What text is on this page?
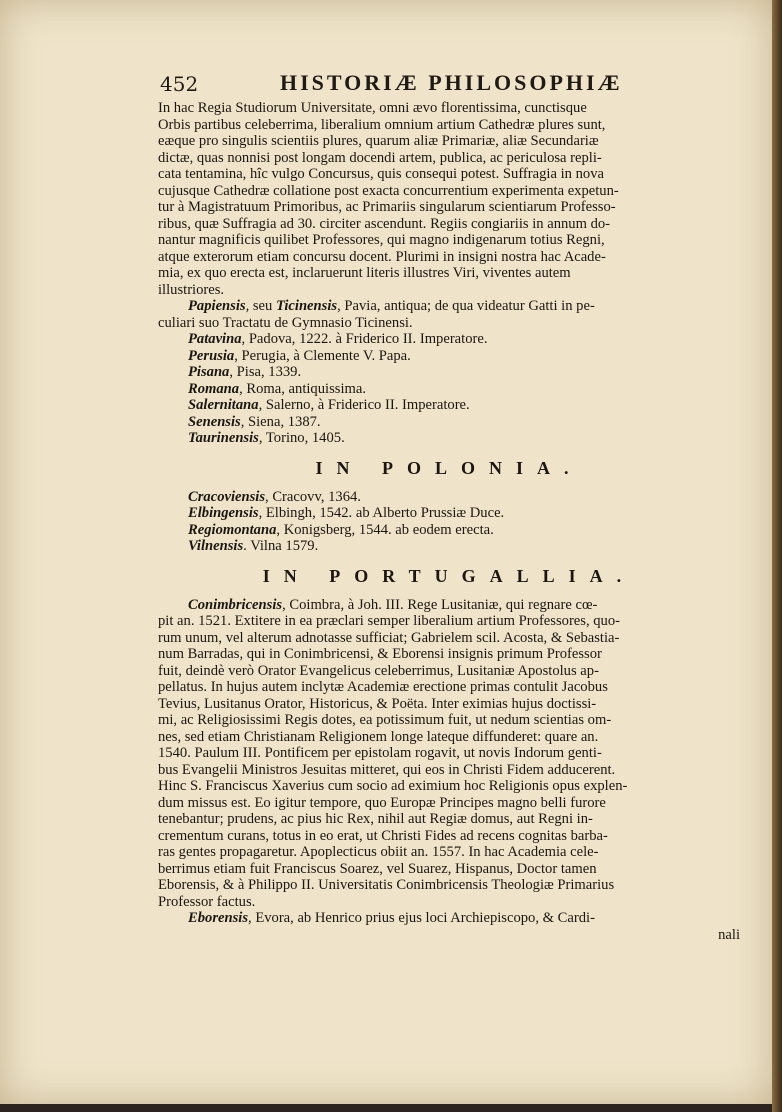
452	HISTORIÆ PHILOSOPHIÆ
In hac Regia Studiorum Universitate, omni ævo florentissima, cunctisque
Orbis partibus celeberrima, liberalium omnium artium Cathedræ plures sunt,
eæque pro singulis scientiis plures, quarum aliæ Primariæ, aliæ Secundariæ
dictæ, quas nonnisi post longam docendi artem, publica, ac periculosa repli-
cata tentamina, hîc vulgo Concursus, quis consequi potest. Suffragia in nova
cujusque Cathedræ collatione post exacta concurrentium experimenta expetun-
tur à Magistratuum Primoribus, ac Primariis singularum scientiarum Professo-
ribus, quæ Suffragia ad 30. circiter ascendunt. Regiis congiariis in annum do-
nantur magnificis quilibet Professores, qui magno indigenarum totius Regni,
atque exterorum etiam concursu docent. Plurimi in insigni nostra hac Acade-
mia, ex quo erecta est, inclaruerunt literis illustres Viri, viventes autem
illustriores.
Papiensis, seu Ticinensis, Pavia, antiqua; de qua videatur Gatti in pe-
culiari suo Tractatu de Gymnasio Ticinensi.
Patavina, Padova, 1222. à Friderico II. Imperatore.
Perusia, Perugia, à Clemente V. Papa.
Pisana, Pisa, 1339.
Romana, Roma, antiquissima.
Salernitana, Salerno, à Friderico II. Imperatore.
Senensis, Siena, 1387.
Taurinensis, Torino, 1405.
IN POLONIA.
Cracoviensis, Cracovv, 1364.
Elbingensis, Elbingh, 1542. ab Alberto Prussiæ Duce.
Regiomontana, Konigsberg, 1544. ab eodem erecta.
Vilnensis. Vilna 1579.
IN PORTUGALLIA.
Conimbricensis, Coimbra, à Joh. III. Rege Lusitaniæ, qui regnare cœ-
pit an. 1521. Extitere in ea præclari semper liberalium artium Professores, quo-
rum unum, vel alterum adnotasse sufficiat; Gabrielem scil. Acosta, & Sebastia-
num Barradas, qui in Conimbricensi, & Eborensi insignis primum Professor
fuit, deindè verò Orator Evangelicus celeberrimus, Lusitaniæ Apostolus ap-
pellatus. In hujus autem inclytæ Academiæ erectione primas contulit Jacobus
Tevius, Lusitanus Orator, Historicus, & Poëta. Inter eximias hujus doctissi-
mi, ac Religiosissimi Regis dotes, ea potissimum fuit, ut nedum scientias om-
nes, sed etiam Christianam Religionem longe lateque diffunderet: quare an.
1540. Paulum III. Pontificem per epistolam rogavit, ut novis Indorum genti-
bus Evangelii Ministros Jesuitas mitteret, qui eos in Christi Fidem adducerent.
Hinc S. Franciscus Xaverius cum socio ad eximium hoc Religionis opus explen-
dum missus est. Eo igitur tempore, quo Europæ Principes magno belli furore
tenebantur; prudens, ac pius hic Rex, nihil aut Regiæ domus, aut Regni in-
crementum curans, totus in eo erat, ut Christi Fides ad recens cognitas barba-
ras gentes propagaretur. Apoplecticus obiit an. 1557. In hac Academia cele-
berrimus etiam fuit Franciscus Soarez, vel Suarez, Hispanus, Doctor tamen
Eborensis, & à Philippo II. Universitatis Conimbricensis Theologiæ Primarius
Professor factus.
Eborensis, Evora, ab Henrico prius ejus loci Archiepiscopo, & Cardi-
nali
